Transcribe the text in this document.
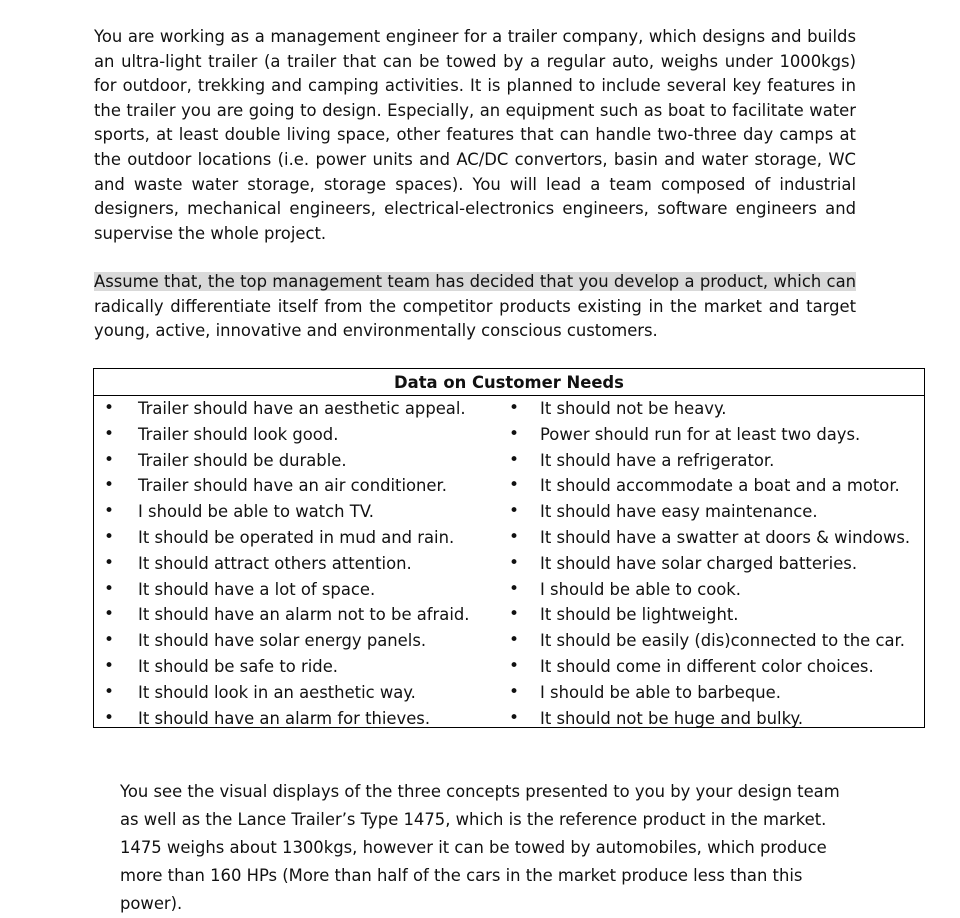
You are working as a management engineer for a trailer company, which designs and builds an ultra-light trailer (a trailer that can be towed by a regular auto, weighs under 1000kgs) for outdoor, trekking and camping activities. It is planned to include several key features in the trailer you are going to design. Especially, an equipment such as boat to facilitate water sports, at least double living space, other features that can handle two-three day camps at the outdoor locations (i.e. power units and AC/DC convertors, basin and water storage, WC and waste water storage, storage spaces). You will lead a team composed of industrial designers, mechanical engineers, electrical-electronics engineers, software engineers and supervise the whole project.

Assume that, the top management team has decided that you develop a product, which can radically differentiate itself from the competitor products existing in the market and target young, active, innovative and environmentally conscious customers.

Data on Customer Needs
• Trailer should have an aesthetic appeal.
• Trailer should look good.
• Trailer should be durable.
• Trailer should have an air conditioner.
• I should be able to watch TV.
• It should be operated in mud and rain.
• It should attract others attention.
• It should have a lot of space.
• It should have an alarm not to be afraid.
• It should have solar energy panels.
• It should be safe to ride.
• It should look in an aesthetic way.
• It should have an alarm for thieves.
• It should not be heavy.
• Power should run for at least two days.
• It should have a refrigerator.
• It should accommodate a boat and a motor.
• It should have easy maintenance.
• It should have a swatter at doors & windows.
• It should have solar charged batteries.
• I should be able to cook.
• It should be lightweight.
• It should be easily (dis)connected to the car.
• It should come in different color choices.
• I should be able to barbeque.
• It should not be huge and bulky.

You see the visual displays of the three concepts presented to you by your design team as well as the Lance Trailer’s Type 1475, which is the reference product in the market. 1475 weighs about 1300kgs, however it can be towed by automobiles, which produce more than 160 HPs (More than half of the cars in the market produce less than this power).
